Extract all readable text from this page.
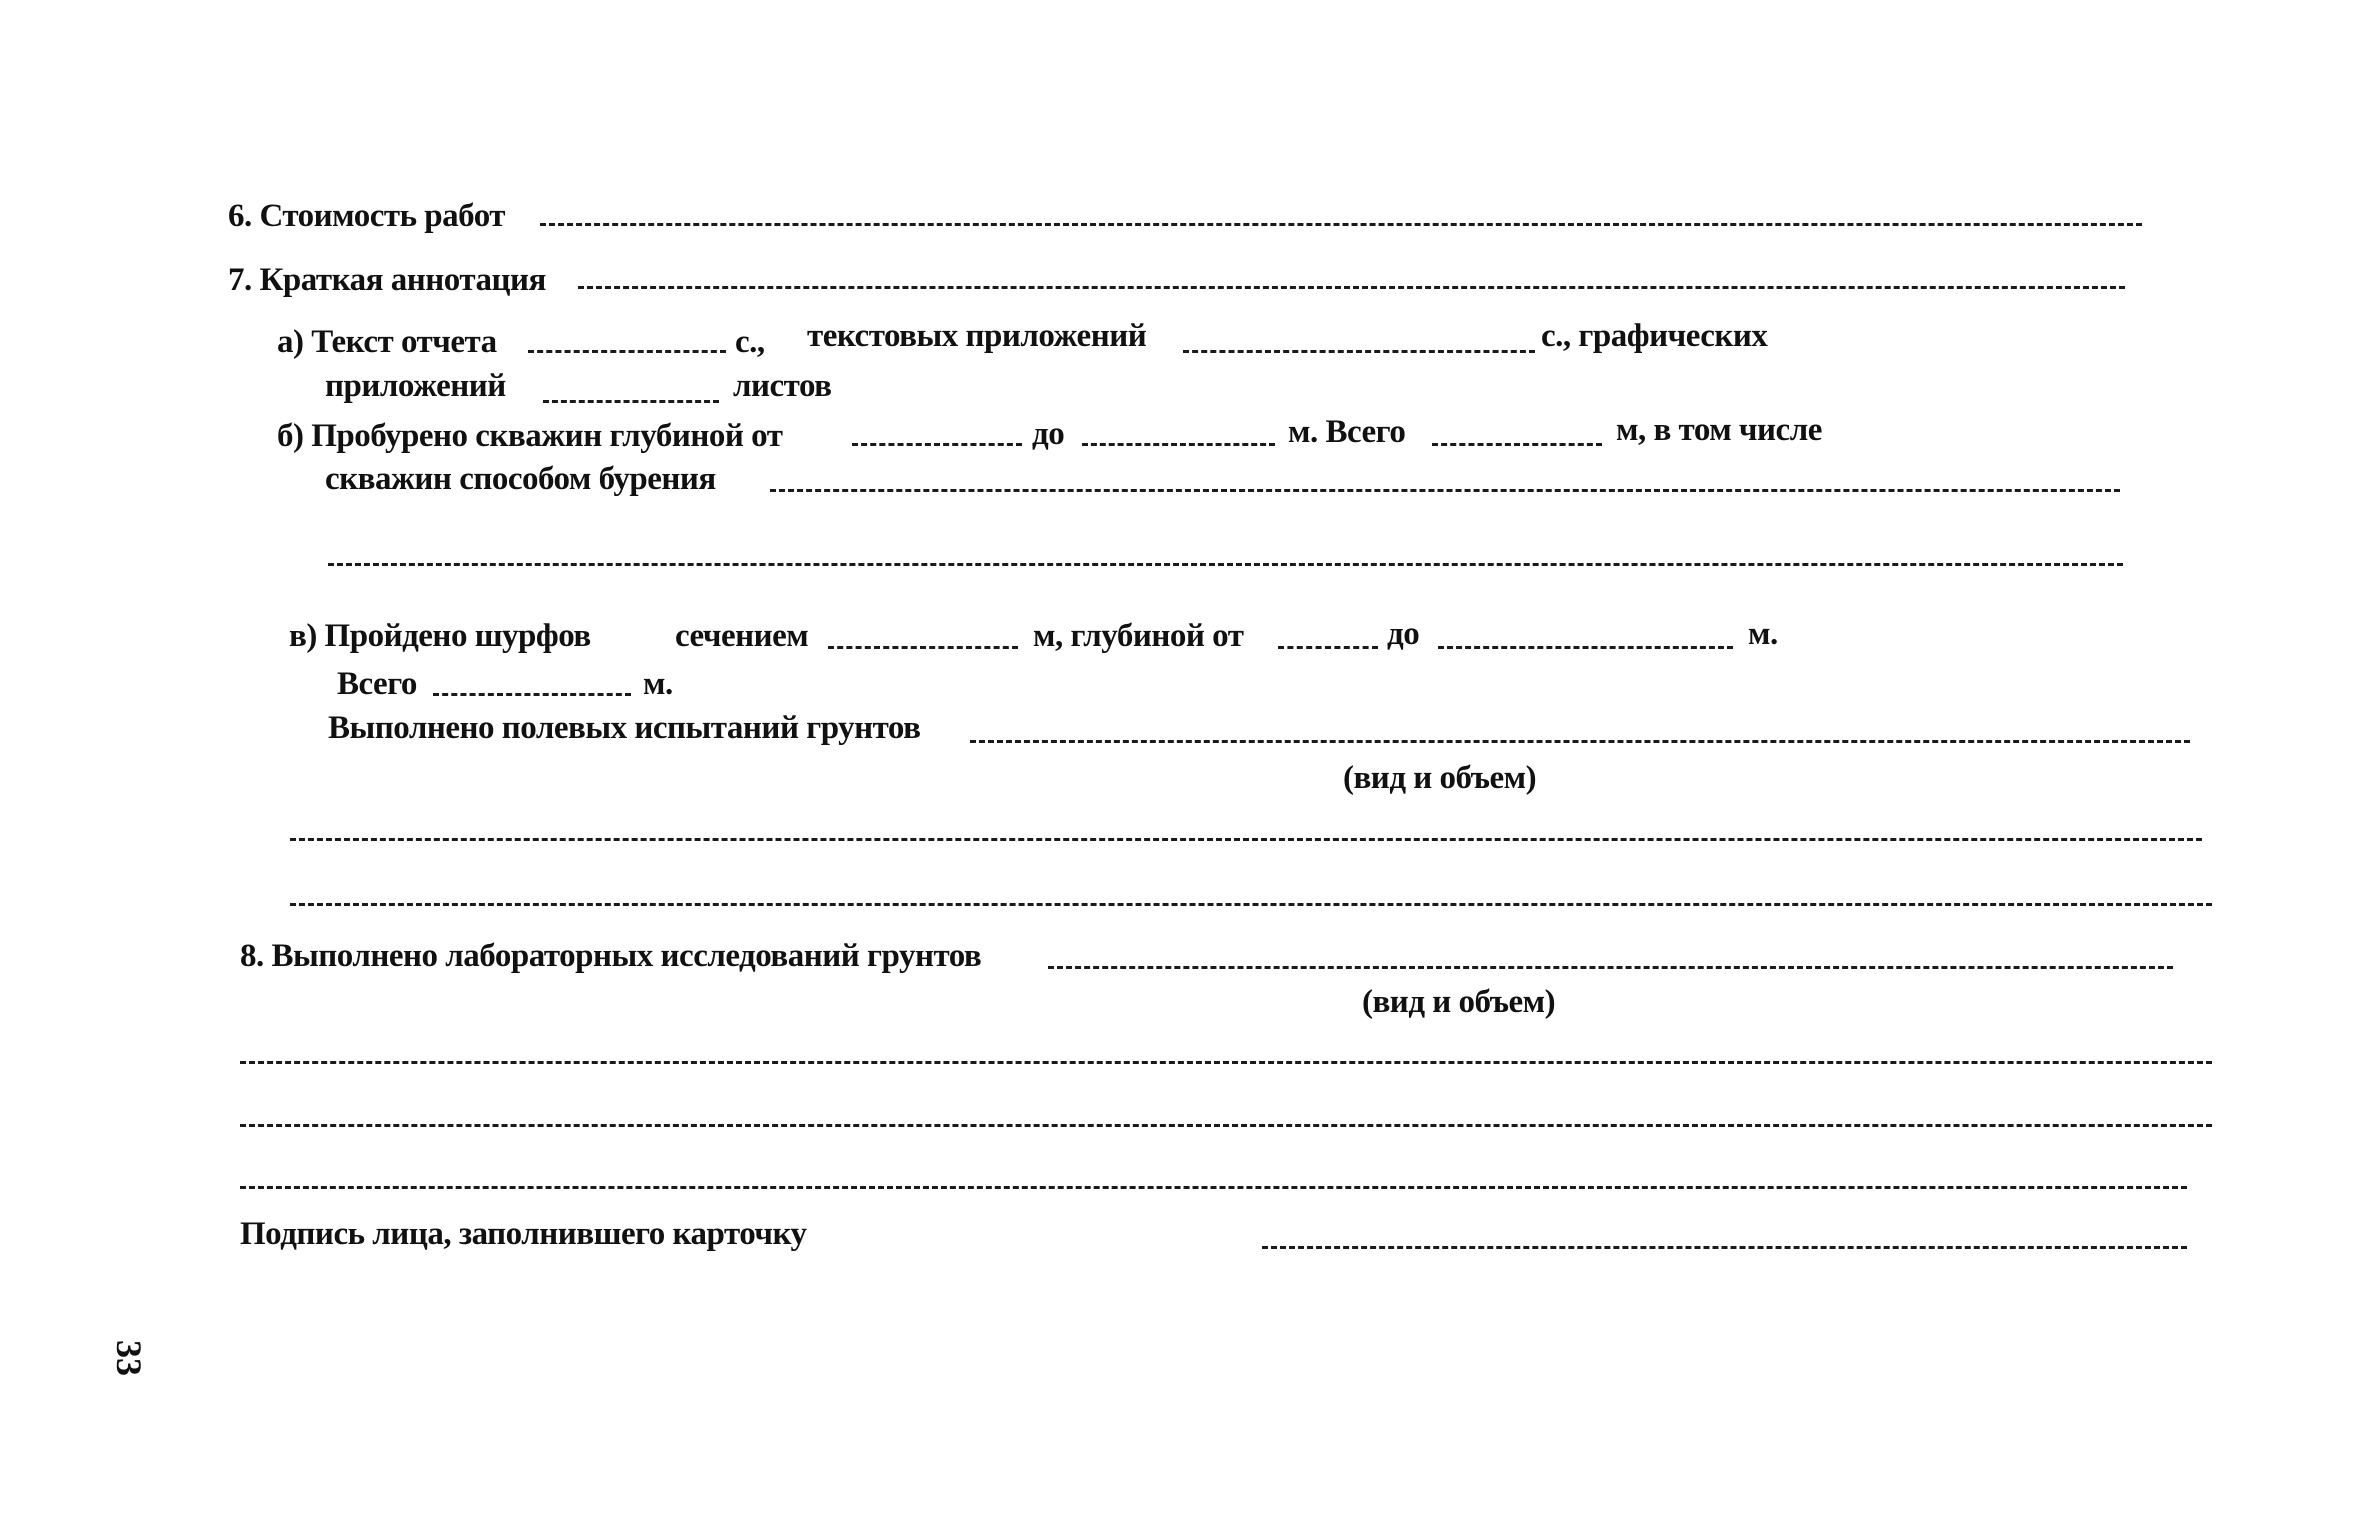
6. Стоимость работ
7. Краткая аннотация
а) Текст отчета	с., текстовых приложений	с., графических
приложений	листов
б) Пробурено скважин глубиной от	до	м. Всего	м, в том числе
скважин способом бурения
в) Пройдено шурфов	сечением	м, глубиной от	до	м.
Всего	м.
Выполнено полевых испытаний грунтов
(вид и объем)
8. Выполнено лабораторных исследований грунтов
(вид и объем)
Подпись лица, заполнившего карточку
33
